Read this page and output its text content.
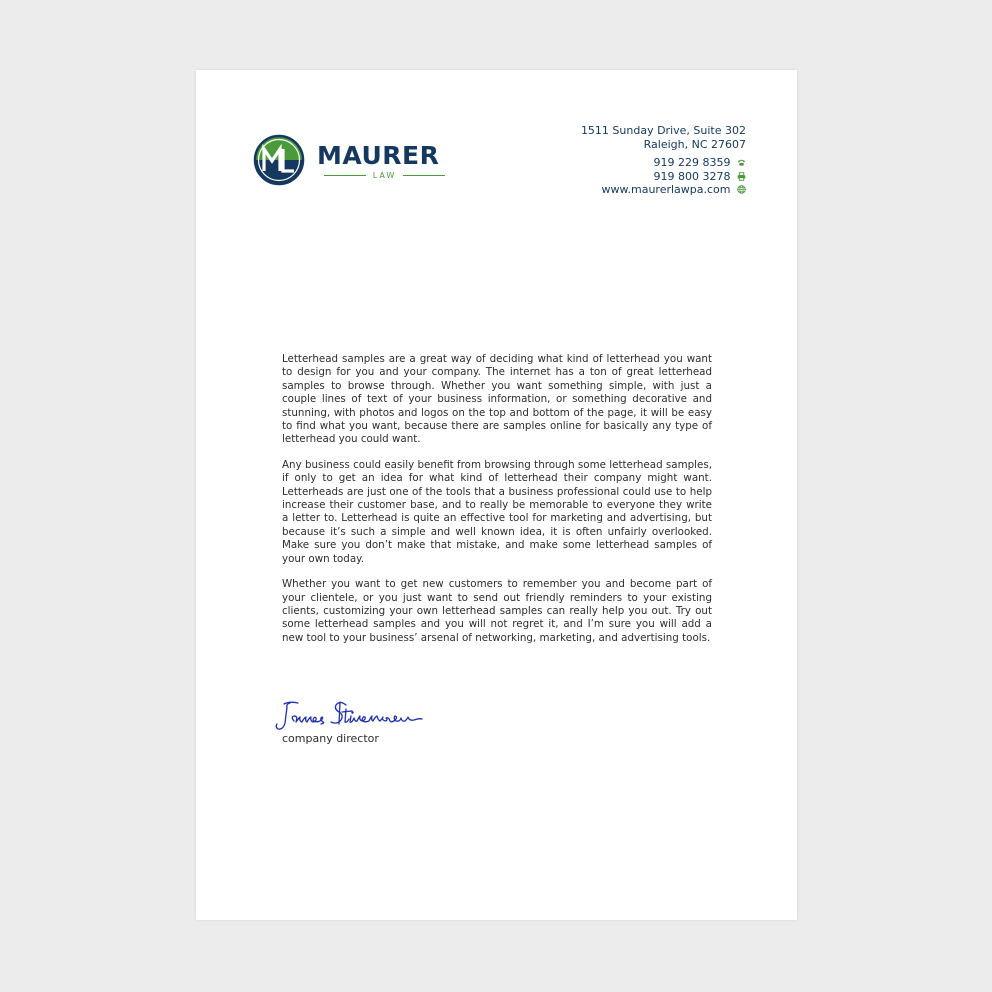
MAURER
LAW
1511 Sunday Drive, Suite 302
Raleigh, NC 27607
919 229 8359
919 800 3278
www.maurerlawpa.com

Letterhead samples are a great way of deciding what kind of letterhead you want to design for you and your company. The internet has a ton of great letterhead samples to browse through. Whether you want something simple, with just a couple lines of text of your business information, or something decorative and stunning, with photos and logos on the top and bottom of the page, it will be easy to find what you want, because there are samples online for basically any type of letterhead you could want.

Any business could easily benefit from browsing through some letterhead samples, if only to get an idea for what kind of letterhead their company might want. Letterheads are just one of the tools that a business professional could use to help increase their customer base, and to really be memorable to everyone they write a letter to. Letterhead is quite an effective tool for marketing and advertising, but because it’s such a simple and well known idea, it is often unfairly overlooked. Make sure you don’t make that mistake, and make some letterhead samples of your own today.

Whether you want to get new customers to remember you and become part of your clientele, or you just want to send out friendly reminders to your existing clients, customizing your own letterhead samples can really help you out. Try out some letterhead samples and you will not regret it, and I’m sure you will add a new tool to your business’ arsenal of networking, marketing, and advertising tools.

company director
